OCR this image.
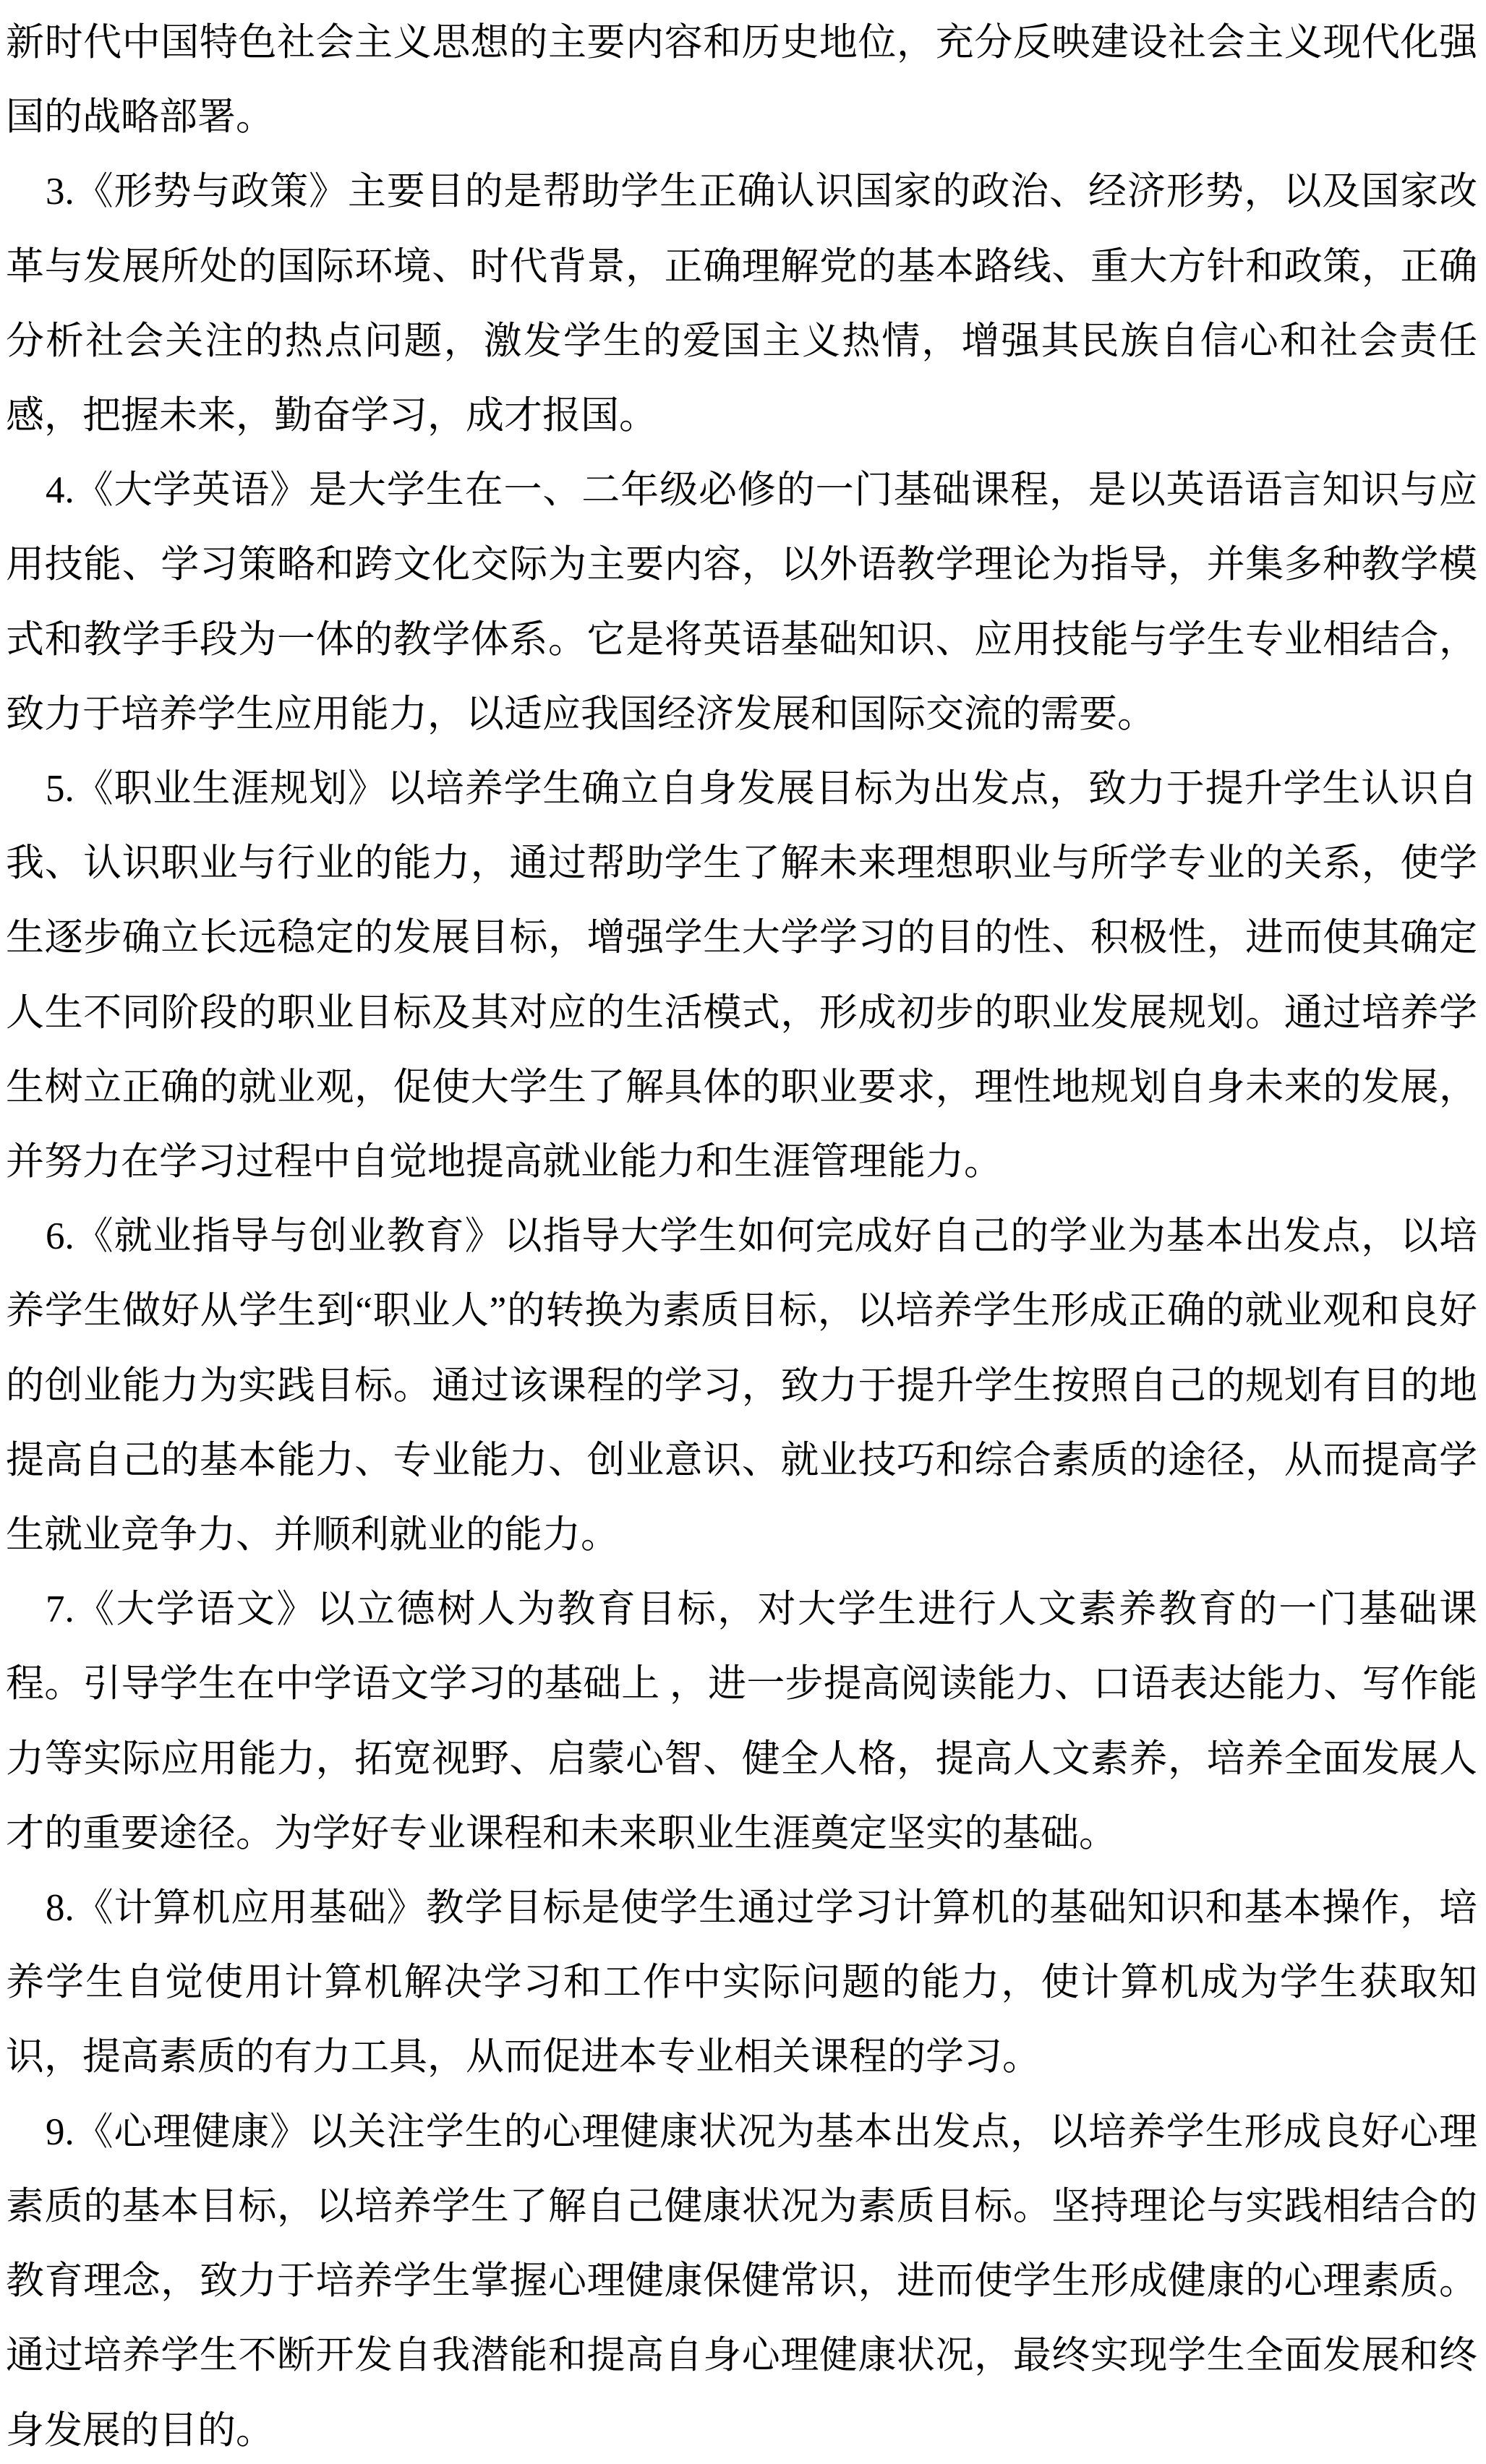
新时代中国特色社会主义思想的主要内容和历史地位，充分反映建设社会主义现代化强国的战略部署。

3.《形势与政策》主要目的是帮助学生正确认识国家的政治、经济形势，以及国家改革与发展所处的国际环境、时代背景，正确理解党的基本路线、重大方针和政策，正确分析社会关注的热点问题，激发学生的爱国主义热情，增强其民族自信心和社会责任感，把握未来，勤奋学习，成才报国。

4.《大学英语》是大学生在一、二年级必修的一门基础课程，是以英语语言知识与应用技能、学习策略和跨文化交际为主要内容，以外语教学理论为指导，并集多种教学模式和教学手段为一体的教学体系。它是将英语基础知识、应用技能与学生专业相结合，致力于培养学生应用能力，以适应我国经济发展和国际交流的需要。

5.《职业生涯规划》以培养学生确立自身发展目标为出发点，致力于提升学生认识自我、认识职业与行业的能力，通过帮助学生了解未来理想职业与所学专业的关系，使学生逐步确立长远稳定的发展目标，增强学生大学学习的目的性、积极性，进而使其确定人生不同阶段的职业目标及其对应的生活模式，形成初步的职业发展规划。通过培养学生树立正确的就业观，促使大学生了解具体的职业要求，理性地规划自身未来的发展，并努力在学习过程中自觉地提高就业能力和生涯管理能力。

6.《就业指导与创业教育》以指导大学生如何完成好自己的学业为基本出发点，以培养学生做好从学生到“职业人”的转换为素质目标，以培养学生形成正确的就业观和良好的创业能力为实践目标。通过该课程的学习，致力于提升学生按照自己的规划有目的地提高自己的基本能力、专业能力、创业意识、就业技巧和综合素质的途径，从而提高学生就业竞争力、并顺利就业的能力。

7.《大学语文》以立德树人为教育目标，对大学生进行人文素养教育的一门基础课程。引导学生在中学语文学习的基础上 ，进一步提高阅读能力、口语表达能力、写作能力等实际应用能力，拓宽视野、启蒙心智、健全人格，提高人文素养，培养全面发展人才的重要途径。为学好专业课程和未来职业生涯奠定坚实的基础。

8.《计算机应用基础》教学目标是使学生通过学习计算机的基础知识和基本操作，培养学生自觉使用计算机解决学习和工作中实际问题的能力，使计算机成为学生获取知识，提高素质的有力工具，从而促进本专业相关课程的学习。

9.《心理健康》以关注学生的心理健康状况为基本出发点，以培养学生形成良好心理素质的基本目标，以培养学生了解自己健康状况为素质目标。坚持理论与实践相结合的教育理念，致力于培养学生掌握心理健康保健常识，进而使学生形成健康的心理素质。通过培养学生不断开发自我潜能和提高自身心理健康状况，最终实现学生全面发展和终身发展的目的。
